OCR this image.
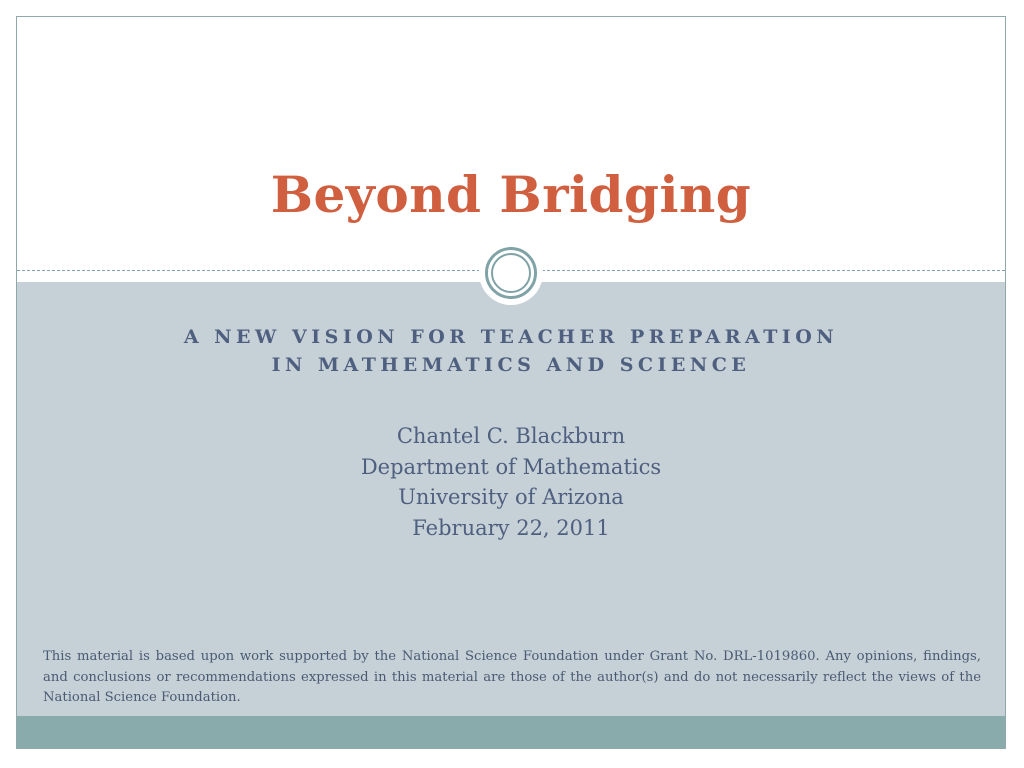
Beyond Bridging
A NEW VISION FOR TEACHER PREPARATION
IN MATHEMATICS AND SCIENCE
Chantel C. Blackburn
Department of Mathematics
University of Arizona
February 22, 2011
This material is based upon work supported by the National Science Foundation under Grant No. DRL-1019860. Any opinions, findings, and conclusions or recommendations expressed in this material are those of the author(s) and do not necessarily reflect the views of the National Science Foundation.
